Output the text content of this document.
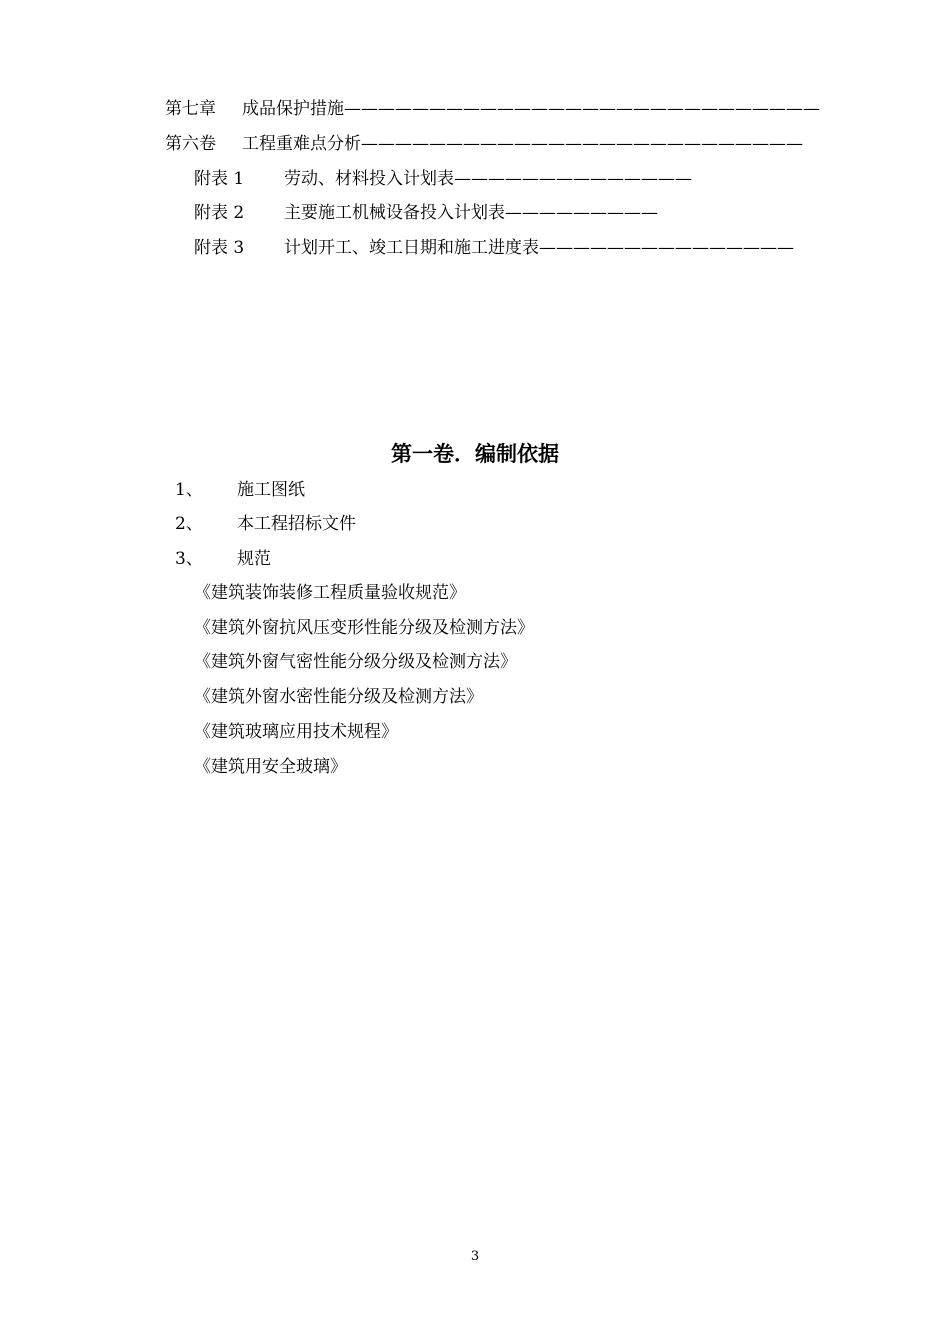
第七章 成品保护措施————————————————————————————
第六卷 工程重难点分析——————————————————————————
附表 1 劳动、材料投入计划表——————————————
附表 2 主要施工机械设备投入计划表—————————
附表 3 计划开工、竣工日期和施工进度表———————————————
第一卷．编制依据
1、 施工图纸
2、 本工程招标文件
3、 规范
《建筑装饰装修工程质量验收规范》
《建筑外窗抗风压变形性能分级及检测方法》
《建筑外窗气密性能分级分级及检测方法》
《建筑外窗水密性能分级及检测方法》
《建筑玻璃应用技术规程》
《建筑用安全玻璃》
3
